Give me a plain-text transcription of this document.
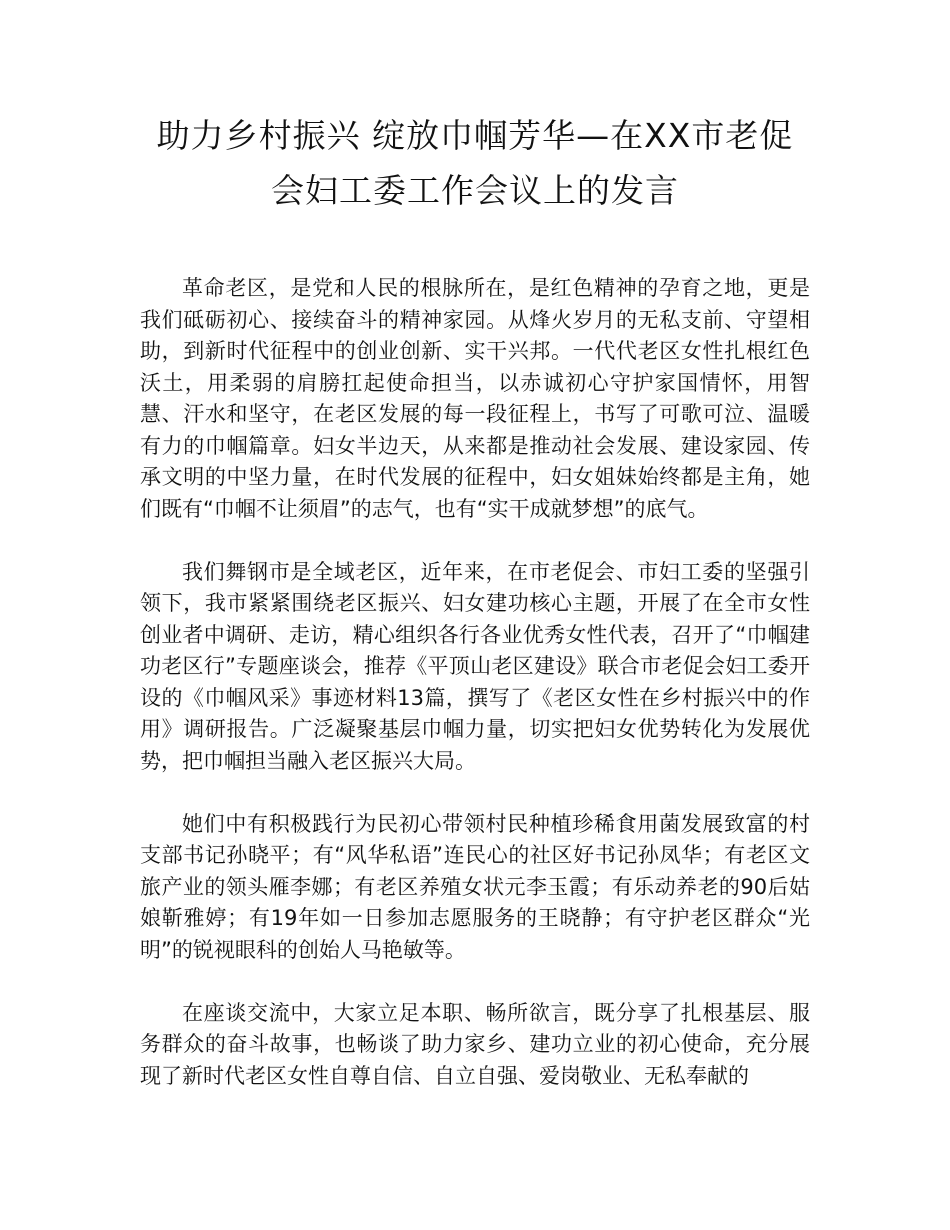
助力乡村振兴 绽放巾帼芳华—在XX市老促会妇工委工作会议上的发言

革命老区，是党和人民的根脉所在，是红色精神的孕育之地，更是我们砥砺初心、接续奋斗的精神家园。从烽火岁月的无私支前、守望相助，到新时代征程中的创业创新、实干兴邦。一代代老区女性扎根红色沃土，用柔弱的肩膀扛起使命担当，以赤诚初心守护家国情怀，用智慧、汗水和坚守，在老区发展的每一段征程上，书写了可歌可泣、温暖有力的巾帼篇章。妇女半边天，从来都是推动社会发展、建设家园、传承文明的中坚力量，在时代发展的征程中，妇女姐妹始终都是主角，她们既有“巾帼不让须眉”的志气，也有“实干成就梦想”的底气。

我们舞钢市是全域老区，近年来，在市老促会、市妇工委的坚强引领下，我市紧紧围绕老区振兴、妇女建功核心主题，开展了在全市女性创业者中调研、走访，精心组织各行各业优秀女性代表，召开了“巾帼建功老区行”专题座谈会，推荐《平顶山老区建设》联合市老促会妇工委开设的《巾帼风采》事迹材料13篇，撰写了《老区女性在乡村振兴中的作用》调研报告。广泛凝聚基层巾帼力量，切实把妇女优势转化为发展优势，把巾帼担当融入老区振兴大局。

她们中有积极践行为民初心带领村民种植珍稀食用菌发展致富的村支部书记孙晓平；有“风华私语”连民心的社区好书记孙凤华；有老区文旅产业的领头雁李娜；有老区养殖女状元李玉霞；有乐动养老的90后姑娘靳雅婷；有19年如一日参加志愿服务的王晓静；有守护老区群众“光明”的锐视眼科的创始人马艳敏等。

在座谈交流中，大家立足本职、畅所欲言，既分享了扎根基层、服务群众的奋斗故事，也畅谈了助力家乡、建功立业的初心使命，充分展现了新时代老区女性自尊自信、自立自强、爱岗敬业、无私奉献的
